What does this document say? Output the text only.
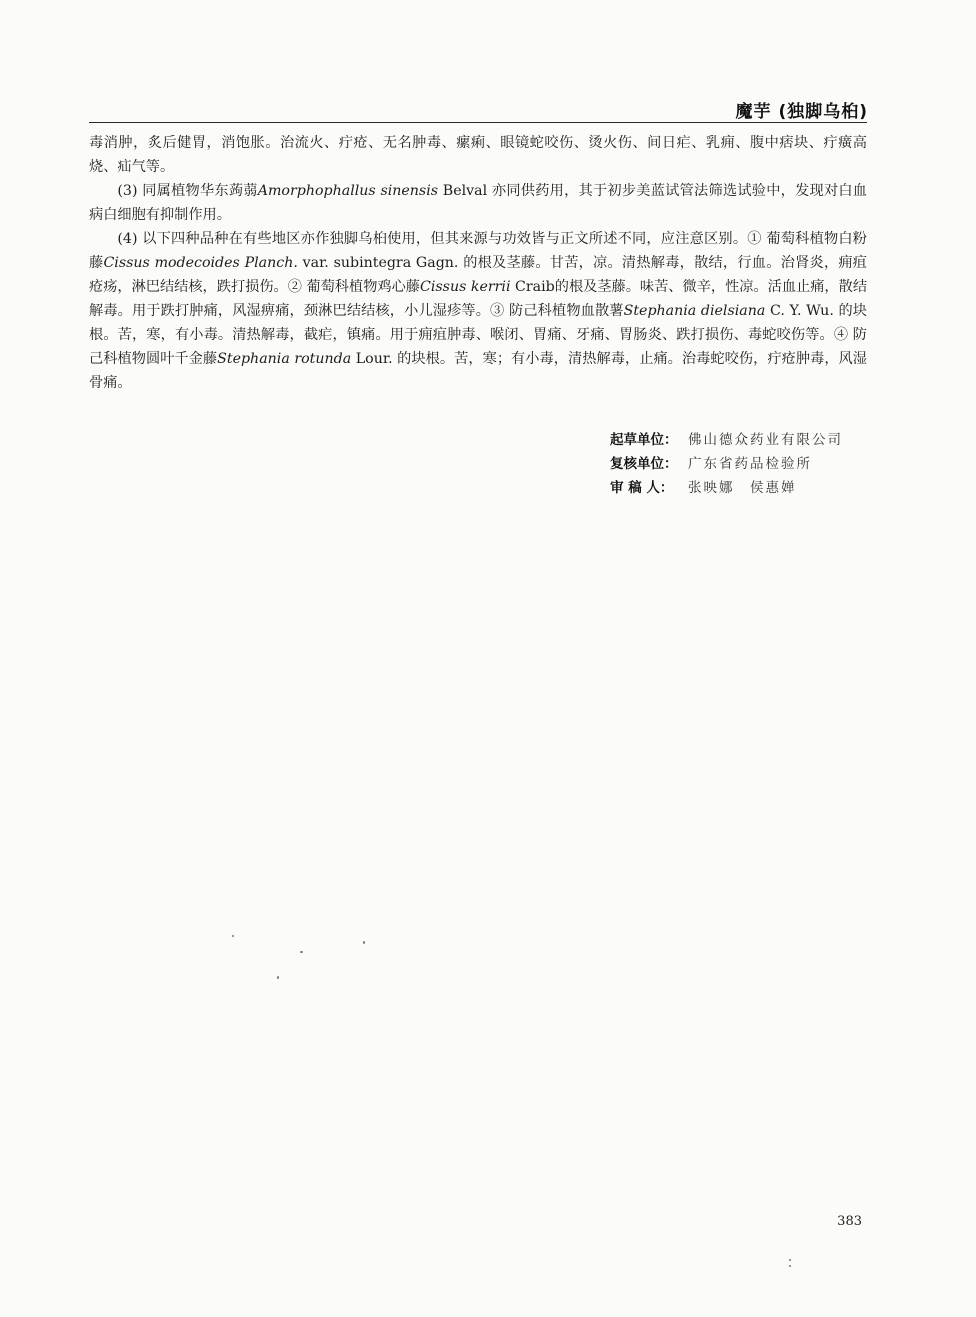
魔芋 (独脚乌桕)

毒消肿，炙后健胃，消饱胀。治流火、疔疮、无名肿毒、瘰痢、眼镜蛇咬伤、烫火伤、间日疟、乳痈、腹中痞块、疔癀高烧、疝气等。

(3) 同属植物华东蒟蒻Amorphophallus sinensis Belval 亦同供药用，其于初步美蓝试管法筛选试验中，发现对白血病白细胞有抑制作用。

(4) 以下四种品种在有些地区亦作独脚乌桕使用，但其来源与功效皆与正文所述不同，应注意区别。① 葡萄科植物白粉藤Cissus modecoides Planch. var. subintegra Gagn. 的根及茎藤。甘苦，凉。清热解毒，散结，行血。治肾炎，痈疽疮疡，淋巴结结核，跌打损伤。② 葡萄科植物鸡心藤Cissus kerrii Craib的根及茎藤。味苦、微辛，性凉。活血止痛，散结解毒。用于跌打肿痛，风湿痹痛，颈淋巴结结核，小儿湿疹等。③ 防己科植物血散薯Stephania dielsiana C. Y. Wu. 的块根。苦，寒，有小毒。清热解毒，截疟，镇痛。用于痈疽肿毒、喉闭、胃痛、牙痛、胃肠炎、跌打损伤、毒蛇咬伤等。④ 防己科植物圆叶千金藤Stephania rotunda Lour. 的块根。苦，寒；有小毒，清热解毒，止痛。治毒蛇咬伤，疔疮肿毒，风湿骨痛。

起草单位： 佛山德众药业有限公司
复核单位： 广东省药品检验所
审 稿 人：	张映娜　侯惠婵
383
